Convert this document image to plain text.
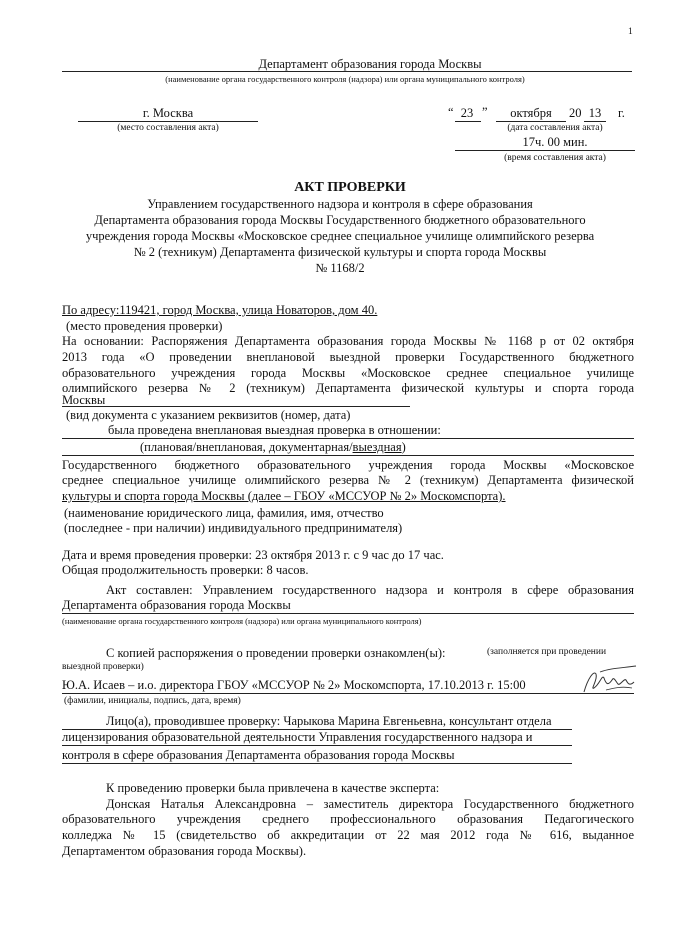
1
Департамент образования города Москвы
(наименование органа государственного контроля (надзора) или органа муниципального контроля)
г. Москва
(место составления акта)
“ 23 ”	октября	20 13	г.
(дата составления акта)
17ч. 00 мин.
(время составления акта)
АКТ ПРОВЕРКИ
Управлением государственного надзора и контроля в сфере образования
Департамента образования города Москвы Государственного бюджетного образовательного
учреждения города Москвы «Московское среднее специальное училище олимпийского резерва
№ 2 (техникум) Департамента физической культуры и спорта города Москвы
№ 1168/2
По адресу:119421, город Москва, улица Новаторов, дом 40.
(место проведения проверки)
На основании: Распоряжения Департамента образования города Москвы № 1168 р от 02 октября
2013 года «О проведении внеплановой выездной проверки Государственного бюджетного
образовательного учреждения города Москвы «Московское среднее специальное училище
олимпийского резерва № 2 (техникум) Департамента физической культуры и спорта города
Москвы
(вид документа с указанием реквизитов (номер, дата)
была проведена внеплановая выездная проверка в отношении:
(плановая/внеплановая, документарная/выездная)
Государственного бюджетного образовательного учреждения города Москвы «Московское
среднее специальное училище олимпийского резерва № 2 (техникум) Департамента физической
культуры и спорта города Москвы (далее – ГБОУ «МССУОР № 2» Москомспорта).
(наименование юридического лица, фамилия, имя, отчество
(последнее - при наличии) индивидуального предпринимателя)
Дата и время проведения проверки: 23 октября 2013 г. с 9 час до 17 час.
Общая продолжительность проверки: 8 часов.
Акт составлен: Управлением государственного надзора и контроля в сфере образования
Департамента образования города Москвы
(наименование органа государственного контроля (надзора) или органа муниципального контроля)
С копией распоряжения о проведении проверки ознакомлен(ы):	(заполняется при проведении
выездной проверки)
Ю.А. Исаев – и.о. директора ГБОУ «МССУОР № 2» Москомспорта, 17.10.2013 г. 15:00
(фамилии, инициалы, подпись, дата, время)
Лицо(а), проводившее проверку: Чарыкова Марина Евгеньевна, консультант отдела
лицензирования образовательной деятельности Управления государственного надзора и
контроля в сфере образования Департамента образования города Москвы
К проведению проверки была привлечена в качестве эксперта:
Донская Наталья Александровна – заместитель директора Государственного бюджетного
образовательного учреждения среднего профессионального образования Педагогического
колледжа № 15 (свидетельство об аккредитации от 22 мая 2012 года № 616, выданное
Департаментом образования города Москвы).
